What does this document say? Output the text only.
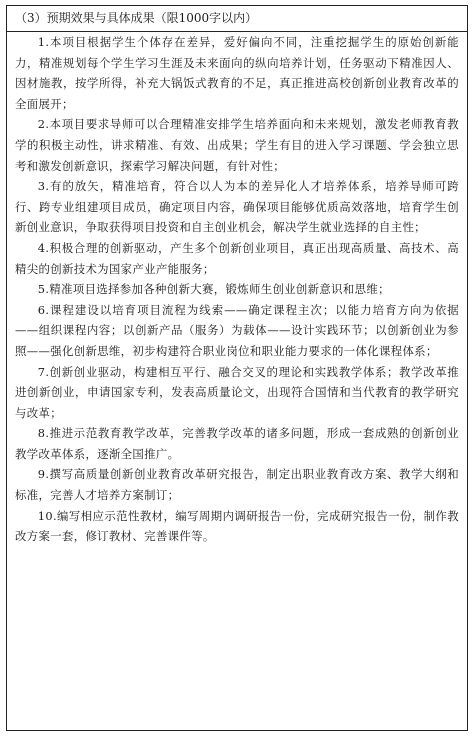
（3）预期效果与具体成果（限1000字以内）

1.本项目根据学生个体存在差异，爱好偏向不同，注重挖掘学生的原始创新能力，精准规划每个学生学习生涯及未来面向的纵向培养计划，任务驱动下精准因人、因材施教，按学所得，补充大锅饭式教育的不足，真正推进高校创新创业教育改革的全面展开；

2.本项目要求导师可以合理精准安排学生培养面向和未来规划，激发老师教育教学的积极主动性，讲求精准、有效、出成果；学生有目的进入学习课题、学会独立思考和激发创新意识，探索学习解决问题，有针对性；

3.有的放矢，精准培育，符合以人为本的差异化人才培养体系，培养导师可跨行、跨专业组建项目成员，确定项目内容，确保项目能够优质高效落地，培育学生创新创业意识，争取获得项目投资和自主创业机会，解决学生就业选择的自主性；

4.积极合理的创新驱动，产生多个创新创业项目，真正出现高质量、高技术、高精尖的创新技术为国家产业产能服务；

5.精准项目选择参加各种创新大赛，锻炼师生创业创新意识和思维；

6.课程建设以培育项目流程为线索——确定课程主次；以能力培育方向为依据——组织课程内容；以创新产品（服务）为载体——设计实践环节；以创新创业为参照——强化创新思维，初步构建符合职业岗位和职业能力要求的一体化课程体系；

7.创新创业驱动，构建相互平行、融合交叉的理论和实践教学体系；教学改革推进创新创业，申请国家专利，发表高质量论文，出现符合国情和当代教育的教学研究与改革；

8.推进示范教育教学改革，完善教学改革的诸多问题，形成一套成熟的创新创业教学改革体系，逐渐全国推广。

9.撰写高质量创新创业教育改革研究报告，制定出职业教育改方案、教学大纲和标准，完善人才培养方案制订；

10.编写相应示范性教材，编写周期内调研报告一份，完成研究报告一份，制作教改方案一套，修订教材、完善课件等。
